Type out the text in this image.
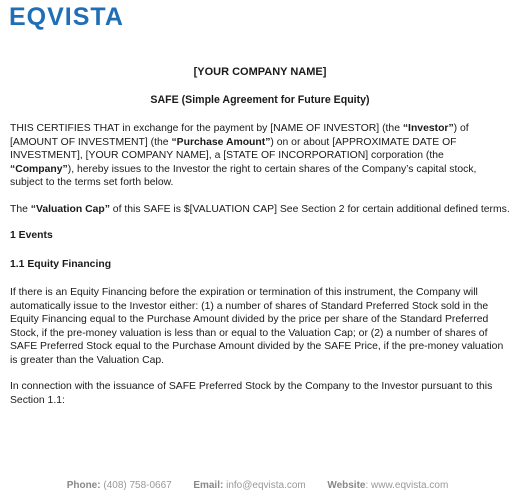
EQVISTA
[YOUR COMPANY NAME]
SAFE (Simple Agreement for Future Equity)

THIS CERTIFIES THAT in exchange for the payment by [NAME OF INVESTOR] (the “Investor”) of [AMOUNT OF INVESTMENT] (the “Purchase Amount”) on or about [APPROXIMATE DATE OF INVESTMENT], [YOUR COMPANY NAME], a [STATE OF INCORPORATION] corporation (the “Company”), hereby issues to the Investor the right to certain shares of the Company’s capital stock, subject to the terms set forth below.

The “Valuation Cap” of this SAFE is $[VALUATION CAP] See Section 2 for certain additional defined terms.

1 Events
1.1 Equity Financing

If there is an Equity Financing before the expiration or termination of this instrument, the Company will automatically issue to the Investor either: (1) a number of shares of Standard Preferred Stock sold in the Equity Financing equal to the Purchase Amount divided by the price per share of the Standard Preferred Stock, if the pre-money valuation is less than or equal to the Valuation Cap; or (2) a number of shares of SAFE Preferred Stock equal to the Purchase Amount divided by the SAFE Price, if the pre-money valuation is greater than the Valuation Cap.

In connection with the issuance of SAFE Preferred Stock by the Company to the Investor pursuant to this Section 1.1:

Phone: (408) 758-0667 Email: info@eqvista.com Website: www.eqvista.com
